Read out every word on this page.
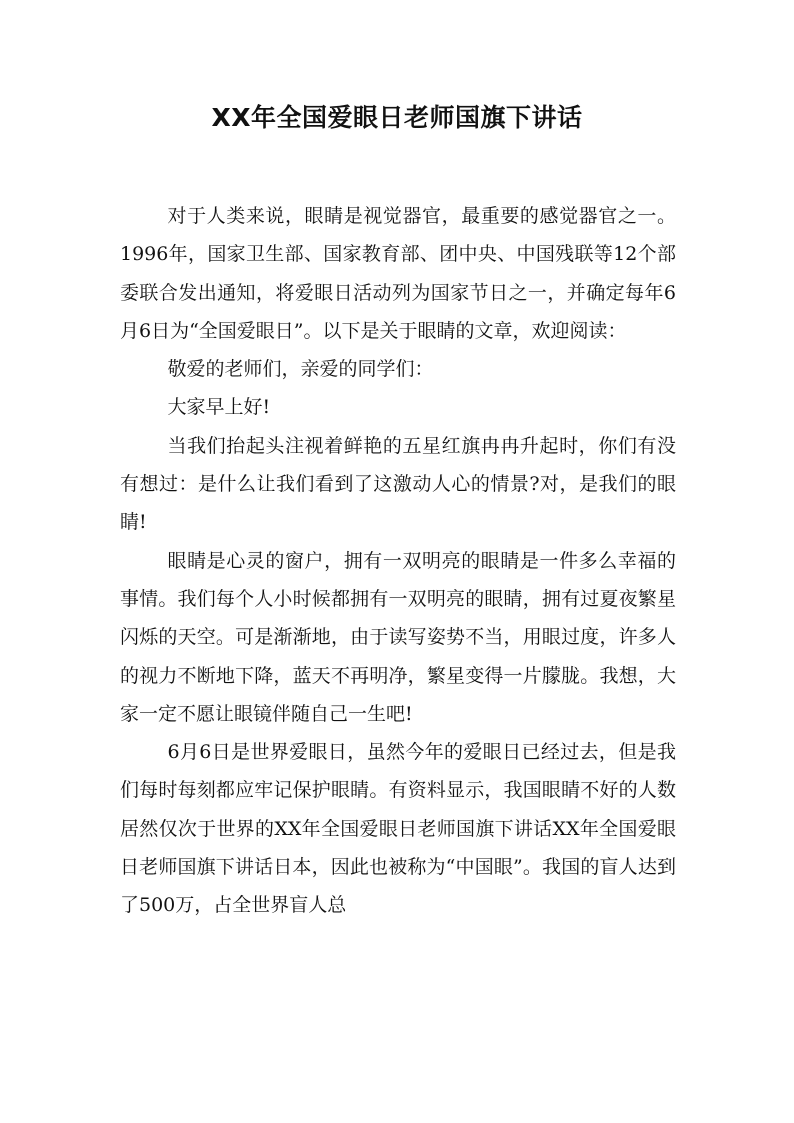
XX年全国爱眼日老师国旗下讲话

对于人类来说，眼睛是视觉器官，最重要的感觉器官之一。1996年，国家卫生部、国家教育部、团中央、中国残联等12个部委联合发出通知，将爱眼日活动列为国家节日之一，并确定每年6月6日为“全国爱眼日”。以下是关于眼睛的文章，欢迎阅读：

敬爱的老师们，亲爱的同学们：

大家早上好!

当我们抬起头注视着鲜艳的五星红旗冉冉升起时，你们有没有想过：是什么让我们看到了这激动人心的情景?对，是我们的眼睛!

眼睛是心灵的窗户，拥有一双明亮的眼睛是一件多么幸福的事情。我们每个人小时候都拥有一双明亮的眼睛，拥有过夏夜繁星闪烁的天空。可是渐渐地，由于读写姿势不当，用眼过度，许多人的视力不断地下降，蓝天不再明净，繁星变得一片朦胧。我想，大家一定不愿让眼镜伴随自己一生吧!

6月6日是世界爱眼日，虽然今年的爱眼日已经过去，但是我们每时每刻都应牢记保护眼睛。有资料显示，我国眼睛不好的人数居然仅次于世界的XX年全国爱眼日老师国旗下讲话XX年全国爱眼日老师国旗下讲话日本，因此也被称为“中国眼”。我国的盲人达到了500万，占全世界盲人总
